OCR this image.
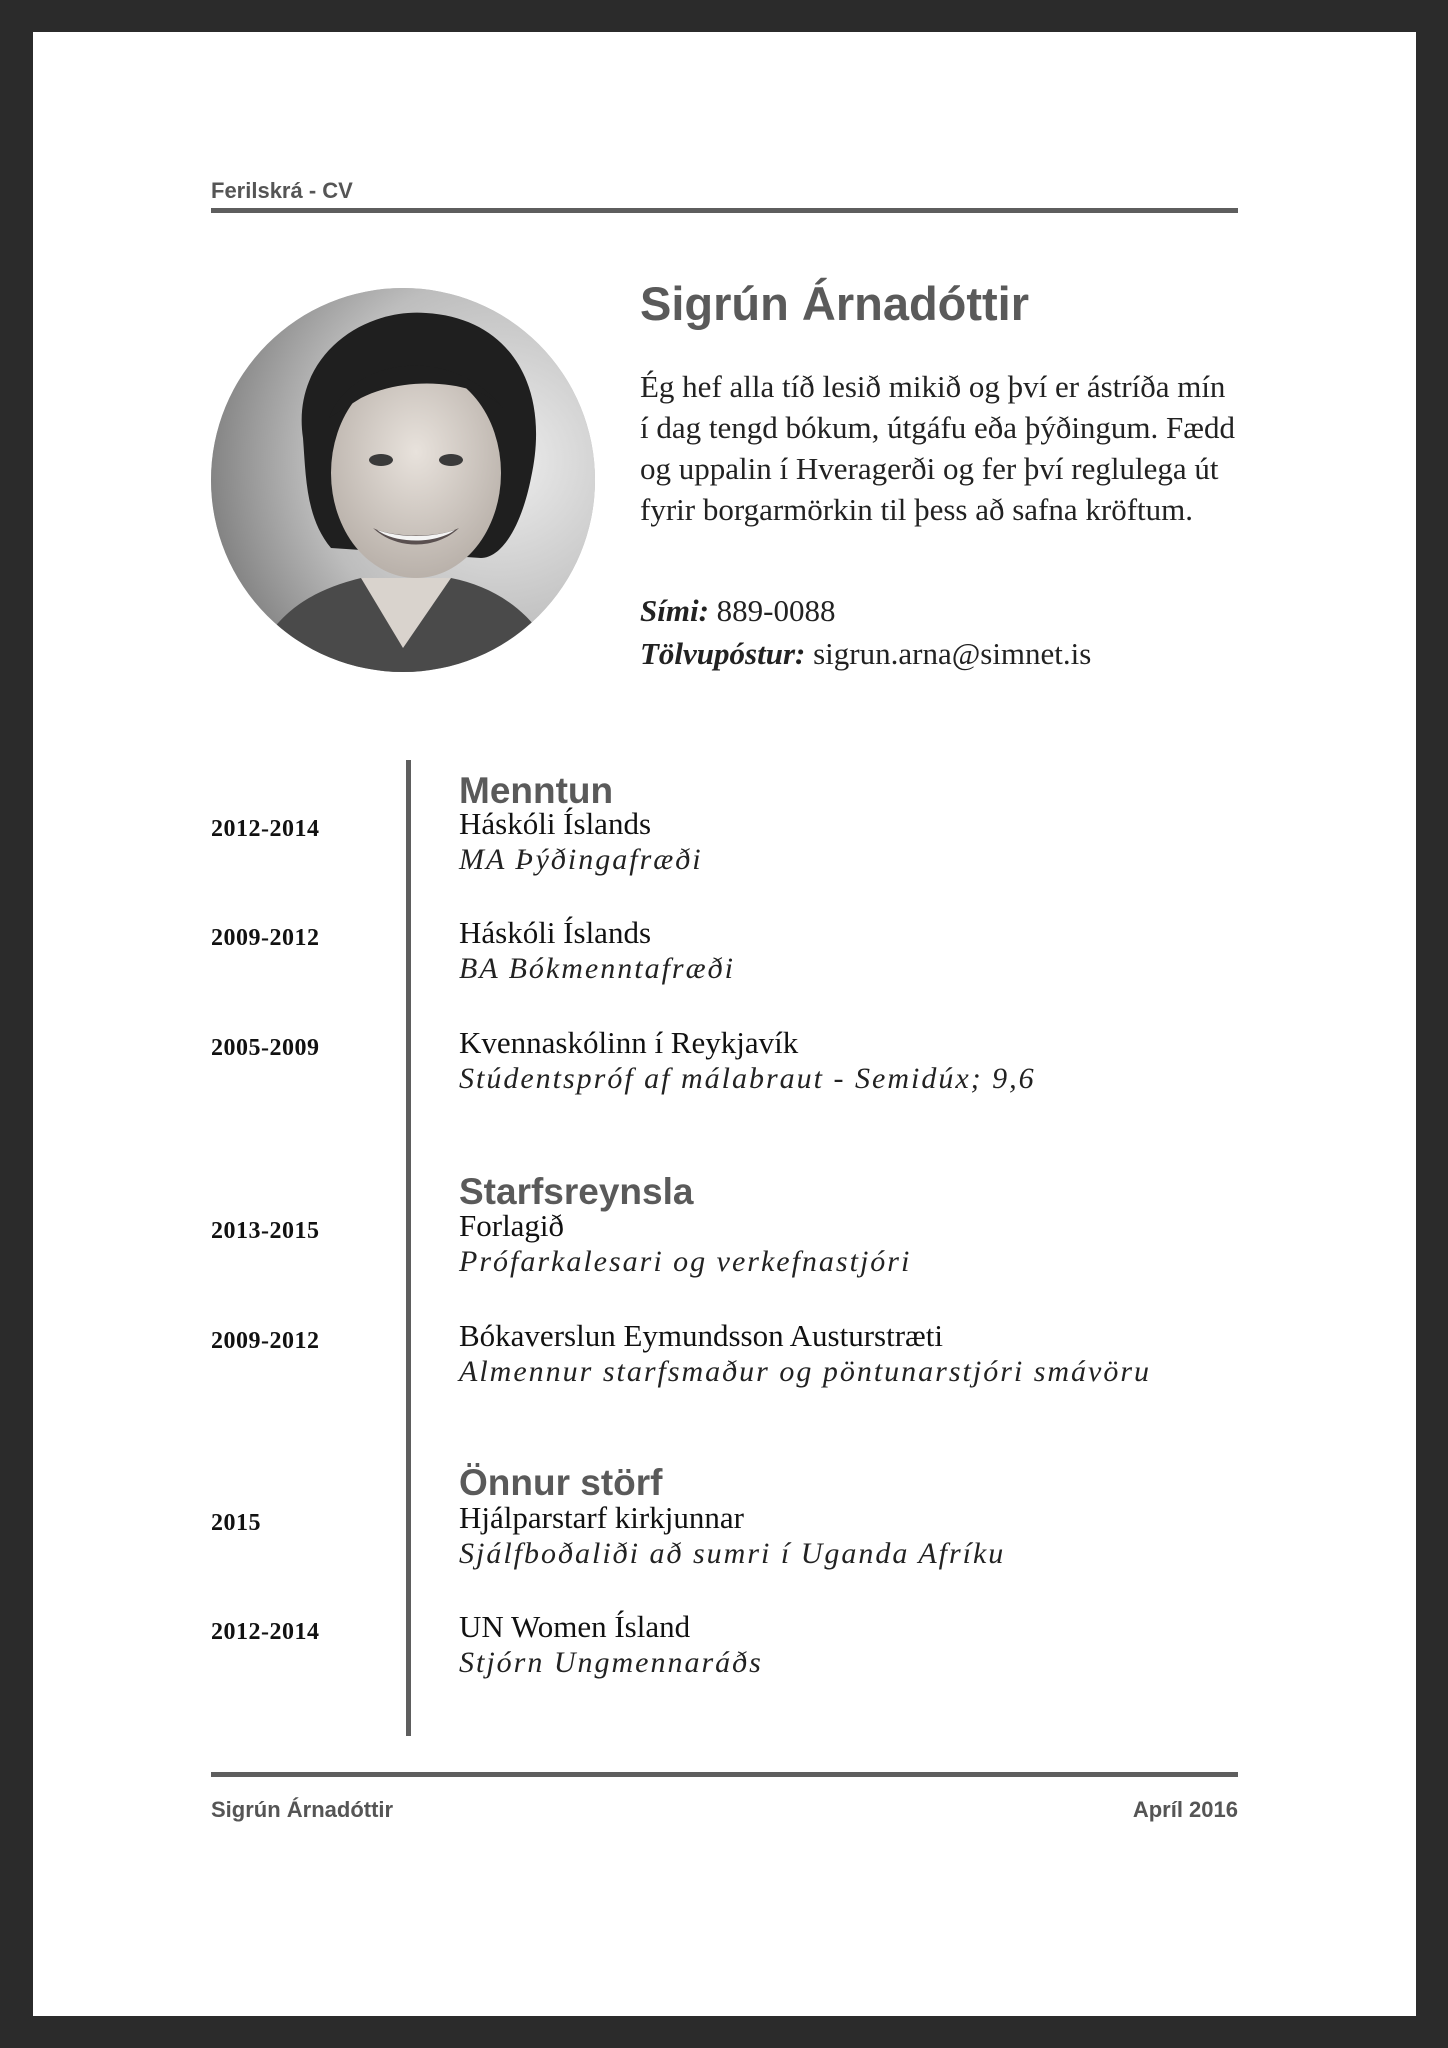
Ferilskrá - CV
Sigrún Árnadóttir

Ég hef alla tíð lesið mikið og því er ástríða mín í dag tengd bókum, útgáfu eða þýðingum. Fædd og uppalin í Hveragerði og fer því reglulega út fyrir borgarmörkin til þess að safna kröftum.

Sími: 889-0088
Tölvupóstur: sigrun.arna@simnet.is
Menntun
2012-2014	Háskóli Íslands
MA Þýðingafræði
2009-2012	Háskóli Íslands
BA Bókmenntafræði
2005-2009	Kvennaskólinn í Reykjavík
Stúdentspróf af málabraut - Semidúx; 9,6
Starfsreynsla
2013-2015	Forlagið
Prófarkalesari og verkefnastjóri
2009-2012	Bókaverslun Eymundsson Austurstræti
Almennur starfsmaður og pöntunarstjóri smávöru
Önnur störf
2015	Hjálparstarf kirkjunnar
Sjálfboðaliði að sumri í Uganda Afríku
2012-2014	UN Women Ísland
Stjórn Ungmennaráðs
Sigrún Árnadóttir	Apríl 2016
